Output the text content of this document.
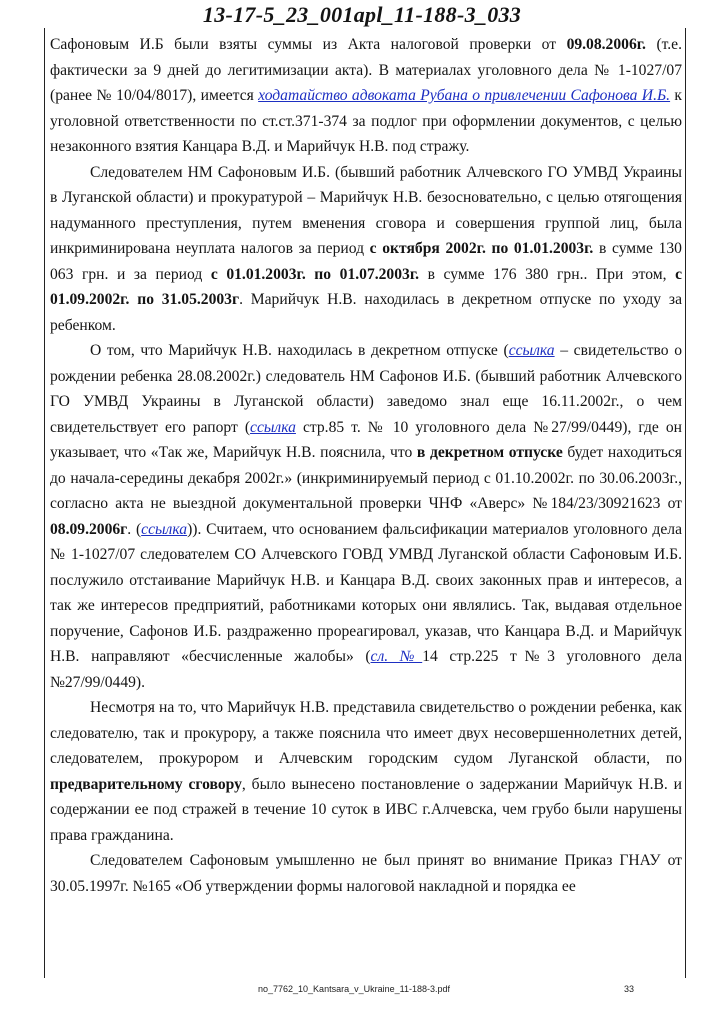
13-17-5_23_001apl_11-188-3_033

Сафоновым И.Б были взяты суммы из Акта налоговой проверки от 09.08.2006г. (т.е. фактически за 9 дней до легитимизации акта). В материалах уголовного дела № 1-1027/07 (ранее № 10/04/8017), имеется ходатайство адвоката Рубана о привлечении Сафонова И.Б. к уголовной ответственности по ст.ст.371-374 за подлог при оформлении документов, с целью незаконного взятия Канцара В.Д. и Марийчук Н.В. под стражу.

Следователем НМ Сафоновым И.Б. (бывший работник Алчевского ГО УМВД Украины в Луганской области) и прокуратурой – Марийчук Н.В. безосновательно, с целью отягощения надуманного преступления, путем вменения сговора и совершения группой лиц, была инкриминирована неуплата налогов за период с октября 2002г. по 01.01.2003г. в сумме 130 063 грн. и за период с 01.01.2003г. по 01.07.2003г. в сумме 176 380 грн.. При этом, с 01.09.2002г. по 31.05.2003г. Марийчук Н.В. находилась в декретном отпуске по уходу за ребенком.

О том, что Марийчук Н.В. находилась в декретном отпуске (ссылка – свидетельство о рождении ребенка 28.08.2002г.) следователь НМ Сафонов И.Б. (бывший работник Алчевского ГО УМВД Украины в Луганской области) заведомо знал еще 16.11.2002г., о чем свидетельствует его рапорт (ссылка стр.85 т. № 10 уголовного дела №27/99/0449), где он указывает, что «Так же, Марийчук Н.В. пояснила, что в декретном отпуске будет находиться до начала-середины декабря 2002г.» (инкриминируемый период с 01.10.2002г. по 30.06.2003г., согласно акта не выездной документальной проверки ЧНФ «Аверс» №184/23/30921623 от 08.09.2006г. (ссылка)). Считаем, что основанием фальсификации материалов уголовного дела № 1-1027/07 следователем СО Алчевского ГОВД УМВД Луганской области Сафоновым И.Б. послужило отстаивание Марийчук Н.В. и Канцара В.Д. своих законных прав и интересов, а так же интересов предприятий, работниками которых они являлись. Так, выдавая отдельное поручение, Сафонов И.Б. раздраженно прореагировал, указав, что Канцара В.Д. и Марийчук Н.В. направляют «бесчисленные жалобы» (сл. №14 стр.225 т№3 уголовного дела №27/99/0449).

Несмотря на то, что Марийчук Н.В. представила свидетельство о рождении ребенка, как следователю, так и прокурору, а также пояснила что имеет двух несовершеннолетних детей, следователем, прокурором и Алчевским городским судом Луганской области, по предварительному сговору, было вынесено постановление о задержании Марийчук Н.В. и содержании ее под стражей в течение 10 суток в ИВС г.Алчевска, чем грубо были нарушены права гражданина.

Следователем Сафоновым умышленно не был принят во внимание Приказ ГНАУ от 30.05.1997г. №165 «Об утверждении формы налоговой накладной и порядка ее

no_7762_10_Kantsara_v_Ukraine_11-188-3.pdf	33
